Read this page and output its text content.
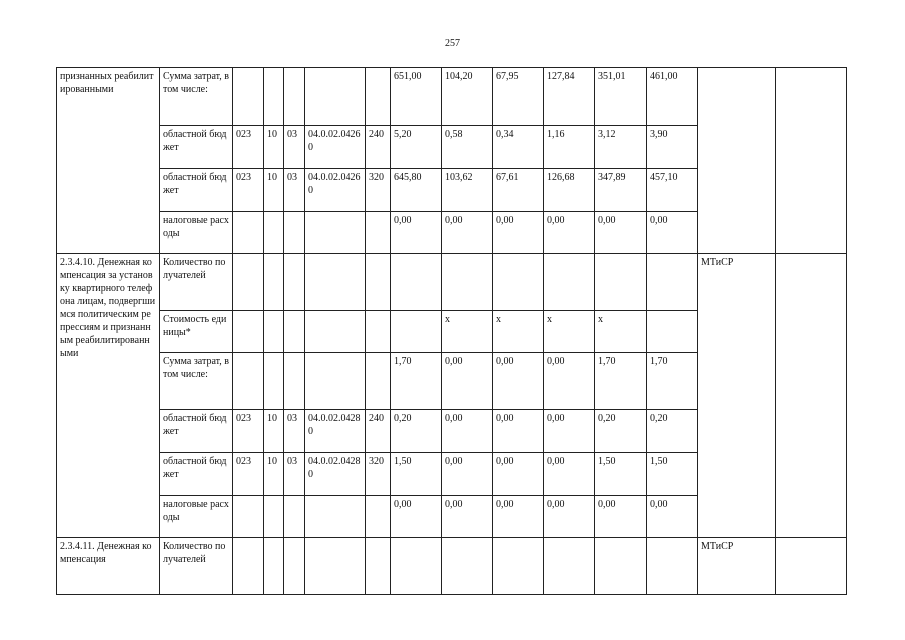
257
признанных реабилитированными	Сумма затрат, в том числе:						651,00	104,20	67,95	127,84	351,01	461,00		
	областной бюджет	023	10	03	04.0.02.04260	240	5,20	0,58	0,34	1,16	3,12	3,90		
	областной бюджет	023	10	03	04.0.02.04260	320	645,80	103,62	67,61	126,68	347,89	457,10		
	налоговые расходы						0,00	0,00	0,00	0,00	0,00	0,00		
2.3.4.10. Денежная компенсация за установку квартирного телефона лицам, подвергшимся политическим репрессиям и признанным реабилитированными	Количество получателей												МТиСР	
	Стоимость единицы*							х	х	х	х			
	Сумма затрат, в том числе:						1,70	0,00	0,00	0,00	1,70	1,70		
	областной бюджет	023	10	03	04.0.02.04280	240	0,20	0,00	0,00	0,00	0,20	0,20		
	областной бюджет	023	10	03	04.0.02.04280	320	1,50	0,00	0,00	0,00	1,50	1,50		
	налоговые расходы						0,00	0,00	0,00	0,00	0,00	0,00		
2.3.4.11. Денежная компенсация	Количество получателей												МТиСР	
